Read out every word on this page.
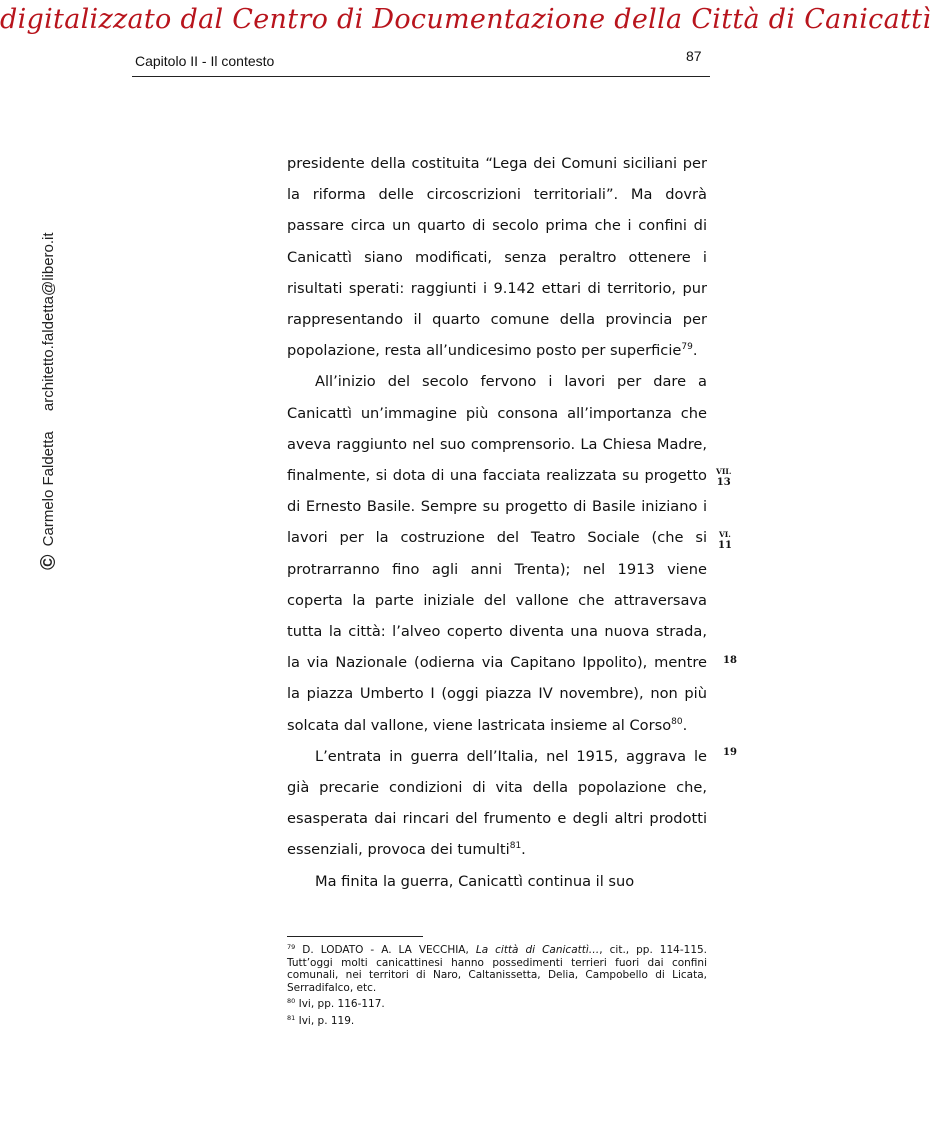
digitalizzato dal Centro di Documentazione della Città di Canicattì
Capitolo II - Il contesto	87
© Carmelo Faldetta architetto.faldetta@libero.it

presidente della costituita “Lega dei Comuni siciliani per la riforma delle circoscrizioni territoriali”. Ma dovrà passare circa un quarto di secolo prima che i confini di Canicattì siano modificati, senza peraltro ottenere i risultati sperati: raggiunti i 9.142 ettari di territorio, pur rappresentando il quarto comune della provincia per popolazione, resta all’undicesimo posto per superficie$^{79}$.

All’inizio del secolo fervono i lavori per dare a Canicattì un’immagine più consona all’importanza che aveva raggiunto nel suo comprensorio. La Chiesa Madre, finalmente, si dota di una facciata realizzata su progetto di Ernesto Basile. Sempre su progetto di Basile iniziano i lavori per la costruzione del Teatro Sociale (che si protrarranno fino agli anni Trenta); nel 1913 viene coperta la parte iniziale del vallone che attraversava tutta la città: l’alveo coperto diventa una nuova strada, la via Nazionale (odierna via Capitano Ippolito), mentre la piazza Umberto I (oggi piazza IV novembre), non più solcata dal vallone, viene lastricata insieme al Corso$^{80}$.

L’entrata in guerra dell’Italia, nel 1915, aggrava le già precarie condizioni di vita della popolazione che, esasperata dai rincari del frumento e degli altri prodotti essenziali, provoca dei tumulti$^{81}$.

Ma finita la guerra, Canicattì continua il suo

VII.
13
VI.
11
18
19

$^{79}$ D. LODATO - A. LA VECCHIA, La città di Canicattì…, cit., pp. 114-115. Tutt’oggi molti canicattinesi hanno possedimenti terrieri fuori dai confini comunali, nei territori di Naro, Caltanissetta, Delia, Campobello di Licata, Serradifalco, etc.

$^{80}$ Ivi, pp. 116-117.

$^{81}$ Ivi, p. 119.
